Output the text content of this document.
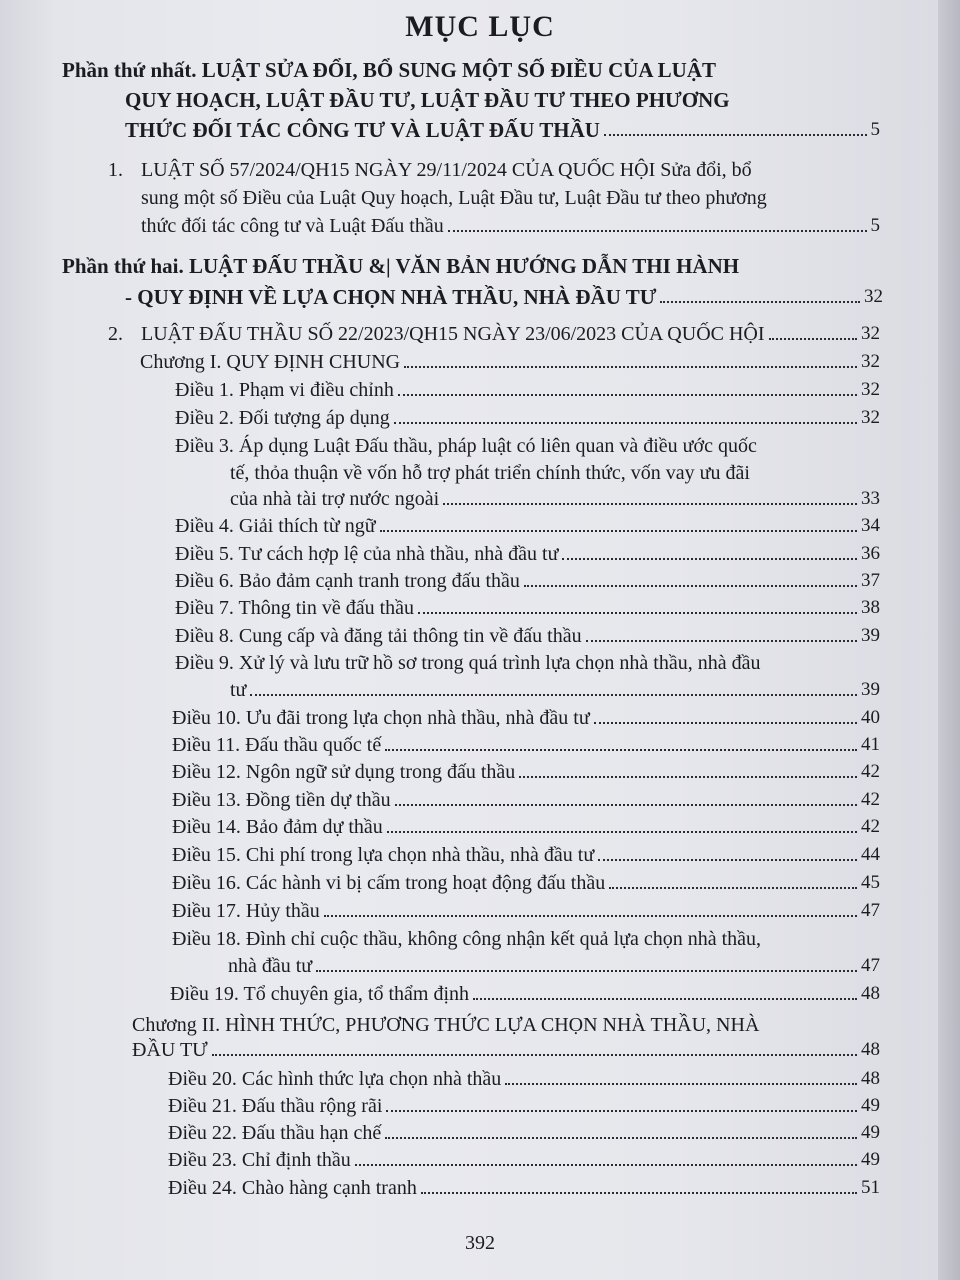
MỤC LỤC
Phần thứ nhất. LUẬT SỬA ĐỔI, BỔ SUNG MỘT SỐ ĐIỀU CỦA LUẬT
QUY HOẠCH, LUẬT ĐẦU TƯ, LUẬT ĐẦU TƯ THEO PHƯƠNG
THỨC ĐỐI TÁC CÔNG TƯ VÀ LUẬT ĐẤU THẦU	5
1. LUẬT SỐ 57/2024/QH15 NGÀY 29/11/2024 CỦA QUỐC HỘI Sửa đổi, bổ
sung một số Điều của Luật Quy hoạch, Luật Đầu tư, Luật Đầu tư theo phương
thức đối tác công tư và Luật Đấu thầu	5
Phần thứ hai. LUẬT ĐẤU THẦU &| VĂN BẢN HƯỚNG DẪN THI HÀNH
- QUY ĐỊNH VỀ LỰA CHỌN NHÀ THẦU, NHÀ ĐẦU TƯ	32
2. LUẬT ĐẤU THẦU SỐ 22/2023/QH15 NGÀY 23/06/2023 CỦA QUỐC HỘI	32
Chương I. QUY ĐỊNH CHUNG	32
Điều 1. Phạm vi điều chỉnh	32
Điều 2. Đối tượng áp dụng	32
Điều 3. Áp dụng Luật Đấu thầu, pháp luật có liên quan và điều ước quốc
tế, thỏa thuận về vốn hỗ trợ phát triển chính thức, vốn vay ưu đãi
của nhà tài trợ nước ngoài	33
Điều 4. Giải thích từ ngữ	34
Điều 5. Tư cách hợp lệ của nhà thầu, nhà đầu tư	36
Điều 6. Bảo đảm cạnh tranh trong đấu thầu	37
Điều 7. Thông tin về đấu thầu	38
Điều 8. Cung cấp và đăng tải thông tin về đấu thầu	39
Điều 9. Xử lý và lưu trữ hồ sơ trong quá trình lựa chọn nhà thầu, nhà đầu
tư	39
Điều 10. Ưu đãi trong lựa chọn nhà thầu, nhà đầu tư	40
Điều 11. Đấu thầu quốc tế	41
Điều 12. Ngôn ngữ sử dụng trong đấu thầu	42
Điều 13. Đồng tiền dự thầu	42
Điều 14. Bảo đảm dự thầu	42
Điều 15. Chi phí trong lựa chọn nhà thầu, nhà đầu tư	44
Điều 16. Các hành vi bị cấm trong hoạt động đấu thầu	45
Điều 17. Hủy thầu	47
Điều 18. Đình chỉ cuộc thầu, không công nhận kết quả lựa chọn nhà thầu,
nhà đầu tư	47
Điều 19. Tổ chuyên gia, tổ thẩm định	48
Chương II. HÌNH THỨC, PHƯƠNG THỨC LỰA CHỌN NHÀ THẦU, NHÀ
ĐẦU TƯ	48
Điều 20. Các hình thức lựa chọn nhà thầu	48
Điều 21. Đấu thầu rộng rãi	49
Điều 22. Đấu thầu hạn chế	49
Điều 23. Chỉ định thầu	49
Điều 24. Chào hàng cạnh tranh	51
392
